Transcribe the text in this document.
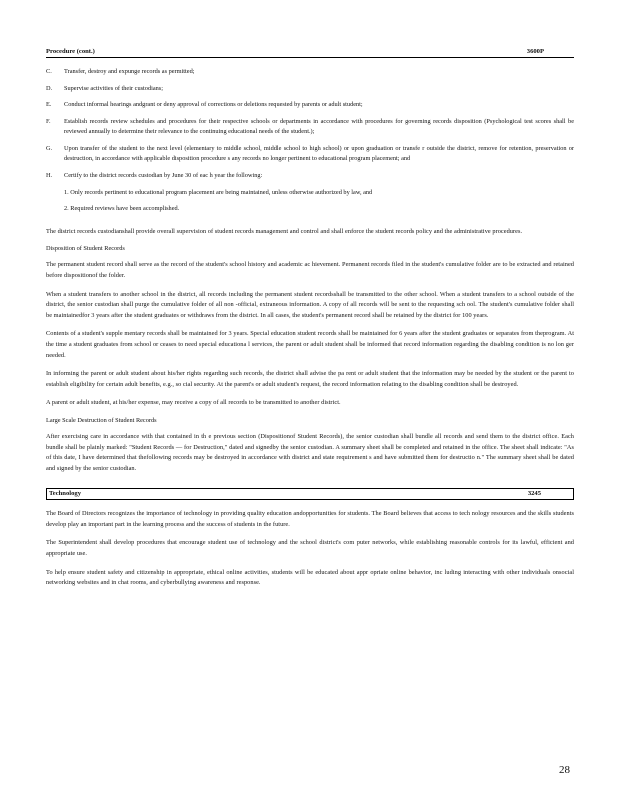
Procedure (cont.)	3600P
C.	Transfer, destroy and expunge records as permitted;
D.	Supervise activities of their custodians;
E.	Conduct informal hearings andgrant or deny approval of corrections or deletions requested by parents or adult student;
F.	Establish records review schedules and procedures for their respective schools or departments in accordance with procedures for governing records disposition (Psychological test scores shall be reviewed annually to determine their relevance to the continuing educational needs of the student.);
G.	Upon transfer of the student to the next level (elementary to middle school, middle school to high school) or upon graduation or transfe r outside the district, remove for retention, preservation or destruction, in accordance with applicable disposition procedure s any records no longer pertinent to educational program placement; and
H.	Certify to the district records custodian by June 30 of eac h year the following:
1. Only records pertinent to educational program placement are being maintained, unless otherwise authorized by law, and
2. Required reviews have been accomplished.

The district records custodianshall provide overall supervision of student records management and control and shall enforce the student records policy and the administrative procedures.

Disposition of Student Records

The permanent student record shall serve as the record of the student's school history and academic ac hievement. Permanent records filed in the student's cumulative folder are to be extracted and retained before dispositionof the folder.

When a student transfers to another school in the district, all records including the permanent student recordsshall be transmitted to the other school. When a student transfers to a school outside of the district, the senior custodian shall purge the cumulative folder of all non -official, extraneous information. A copy of all records will be sent to the requesting sch ool. The student's cumulative folder shall be maintainedfor 3 years after the student graduates or withdraws from the district. In all cases, the student's permanent record shall be retained by the district for 100 years.

Contents of a student's supple mentary records shall be maintained for 3 years. Special education student records shall be maintained for 6 years after the student graduates or separates from theprogram. At the time a student graduates from school or ceases to need special educationa l services, the parent or adult student shall be informed that record information regarding the disabling condition is no lon ger needed.

In informing the parent or adult student about his/her rights regarding such records, the district shall advise the pa rent or adult student that the information may be needed by the student or the parent to establish eligibility for certain adult benefits, e.g., so cial security. At the parent's or adult student's request, the record information relating to the disabling condition shall be destroyed.

A parent or adult student, at his/her expense, may receive a copy of all records to be transmitted to another district.

Large Scale Destruction of Student Records

After exercising care in accordance with that contained in th e previous section (Dispositionof Student Records), the senior custodian shall bundle all records and send them to the district office. Each bundle shall be plainly marked: "Student Records — for Destruction," dated and signedby the senior custodian. A summary sheet shall be completed and retained in the office. The sheet shall indicate: "As of this date, I have determined that thefollowing records may be destroyed in accordance with district and state requirement s and have submitted them for destructio n." The summary sheet shall be dated and signed by the senior custodian.

Technology	3245

The Board of Directors recognizes the importance of technology in providing quality education andopportunities for students. The Board believes that access to tech nology resources and the skills students develop play an important part in the learning process and the success of students in the future.

The Superintendent shall develop procedures that encourage student use of technology and the school district's com puter networks, while establishing reasonable controls for its lawful, efficient and appropriate use.

To help ensure student safety and citizenship in appropriate, ethical online activities, students will be educated about appr opriate online behavior, inc luding interacting with other individuals onsocial networking websites and in chat rooms, and cyberbullying awareness and response.

28
